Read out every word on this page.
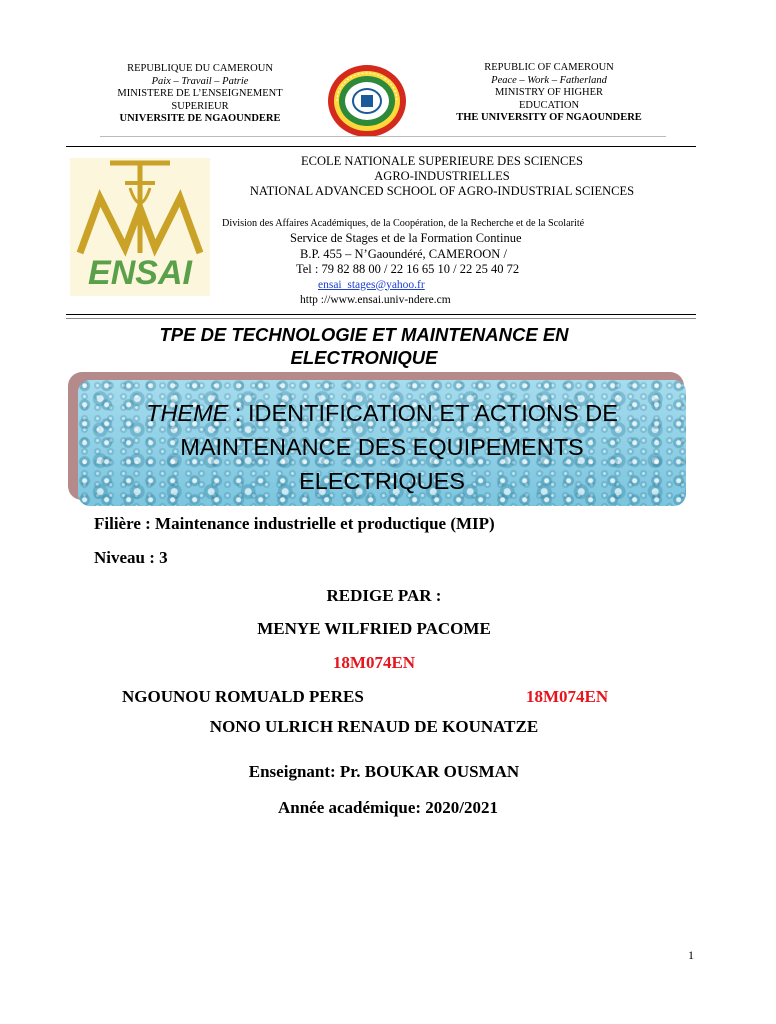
REPUBLIQUE DU CAMEROUN
Paix – Travail – Patrie
MINISTERE DE L’ENSEIGNEMENT
SUPERIEUR
UNIVERSITE DE NGAOUNDERE
REPUBLIC OF CAMEROUN
Peace – Work – Fatherland
MINISTRY OF HIGHER
EDUCATION
THE UNIVERSITY OF NGAOUNDERE
ENSAI
ECOLE NATIONALE SUPERIEURE DES SCIENCES
AGRO-INDUSTRIELLES
NATIONAL ADVANCED SCHOOL OF AGRO-INDUSTRIAL SCIENCES
Division des Affaires Académiques, de la Coopération, de la Recherche et de la Scolarité
Service de Stages et de la Formation Continue
B.P. 455 – N’Gaoundéré, CAMEROON /
Tel : 79 82 88 00 / 22 16 65 10 / 22 25 40 72
ensai_stages@yahoo.fr
http ://www.ensai.univ-ndere.cm
TPE DE TECHNOLOGIE ET MAINTENANCE EN
ELECTRONIQUE
THEME : IDENTIFICATION ET ACTIONS DE
MAINTENANCE DES EQUIPEMENTS
ELECTRIQUES
Filière : Maintenance industrielle et productique (MIP)
Niveau : 3
REDIGE PAR :
MENYE WILFRIED PACOME
18M074EN
NGOUNOU ROMUALD PERES	18M074EN
NONO ULRICH RENAUD DE KOUNATZE
Enseignant: Pr. BOUKAR OUSMAN
Année académique: 2020/2021
1
